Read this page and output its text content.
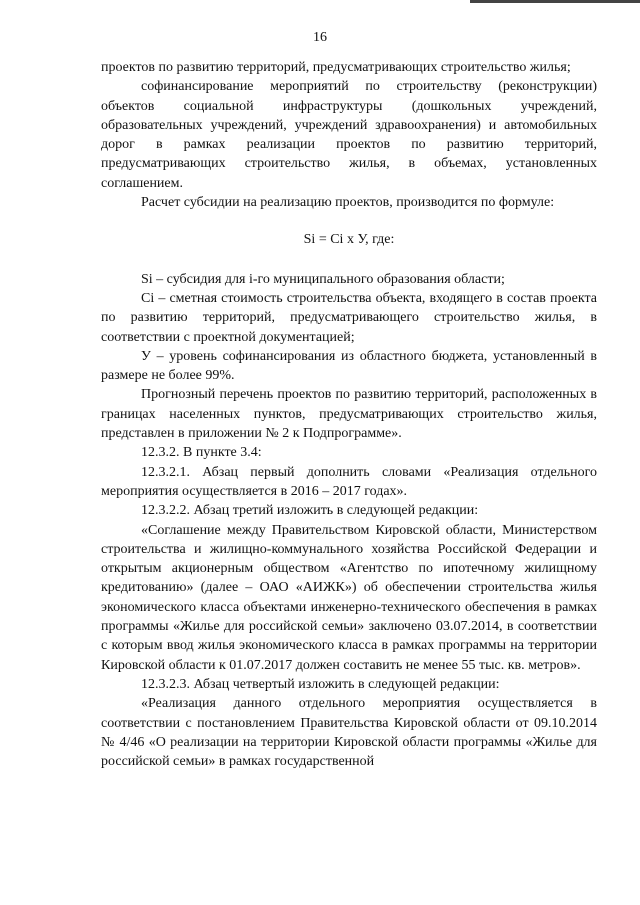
16

проектов по развитию территорий, предусматривающих строительство жилья;

софинансирование мероприятий по строительству (реконструкции) объектов социальной инфраструктуры (дошкольных учреждений, образовательных учреждений, учреждений здравоохранения) и автомобильных дорог в рамках реализации проектов по развитию территорий, предусматривающих строительство жилья, в объемах, установленных соглашением.

Расчет субсидии на реализацию проектов, производится по формуле:

Si = Ci x У, где:

Si – субсидия для i-го муниципального образования области;

Ci – сметная стоимость строительства объекта, входящего в состав проекта по развитию территорий, предусматривающего строительство жилья, в соответствии с проектной документацией;

У – уровень софинансирования из областного бюджета, установленный в размере не более 99%.

Прогнозный перечень проектов по развитию территорий, расположенных в границах населенных пунктов, предусматривающих строительство жилья, представлен в приложении № 2 к Подпрограмме».

12.3.2. В пункте 3.4:

12.3.2.1. Абзац первый дополнить словами «Реализация отдельного мероприятия осуществляется в 2016 – 2017 годах».

12.3.2.2. Абзац третий изложить в следующей редакции:

«Соглашение между Правительством Кировской области, Министерством строительства и жилищно-коммунального хозяйства Российской Федерации и открытым акционерным обществом «Агентство по ипотечному жилищному кредитованию» (далее – ОАО «АИЖК») об обеспечении строительства жилья экономического класса объектами инженерно-технического обеспечения в рамках программы «Жилье для российской семьи» заключено 03.07.2014, в соответствии с которым ввод жилья экономического класса в рамках программы на территории Кировской области к 01.07.2017 должен составить не менее 55 тыс. кв. метров».

12.3.2.3. Абзац четвертый изложить в следующей редакции:

«Реализация данного отдельного мероприятия осуществляется в соответствии с постановлением Правительства Кировской области от 09.10.2014 № 4/46 «О реализации на территории Кировской области программы «Жилье для российской семьи» в рамках государственной
